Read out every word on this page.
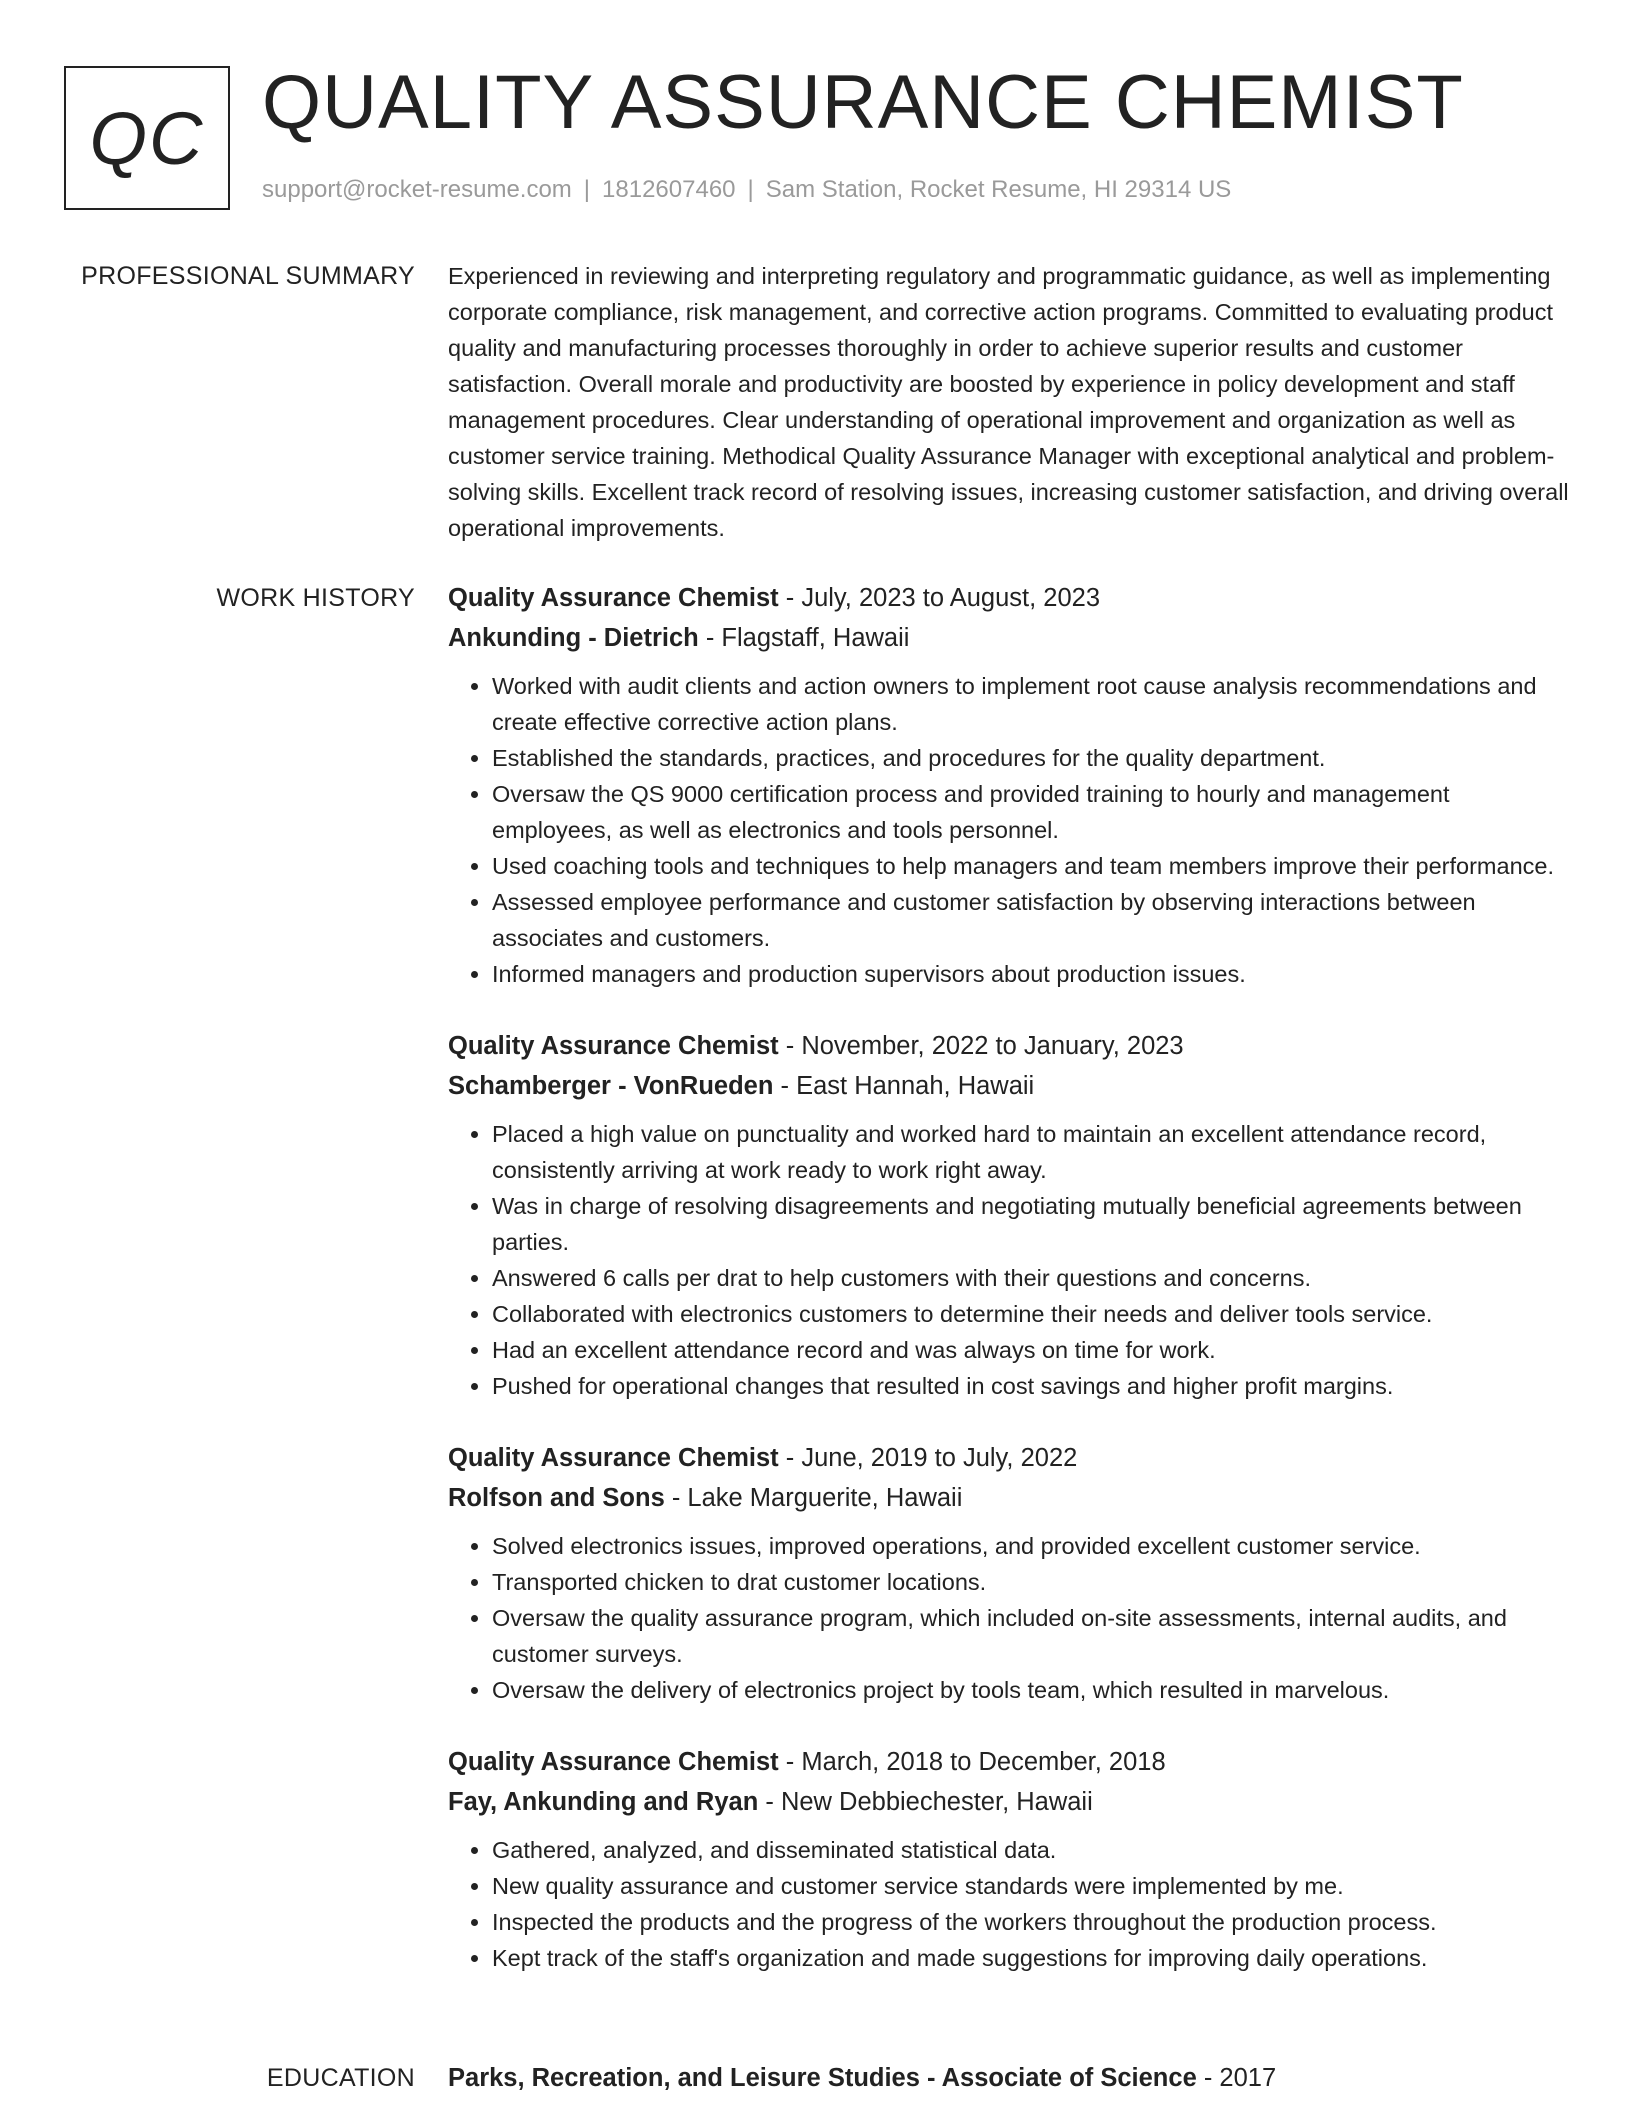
QC QUALITY ASSURANCE CHEMIST
support@rocket-resume.com | 1812607460 | Sam Station, Rocket Resume, HI 29314 US
PROFESSIONAL SUMMARY Experienced in reviewing and interpreting regulatory and programmatic guidance, as well as implementing corporate compliance, risk management, and corrective action programs. Committed to evaluating product quality and manufacturing processes thoroughly in order to achieve superior results and customer satisfaction. Overall morale and productivity are boosted by experience in policy development and staff management procedures. Clear understanding of operational improvement and organization as well as customer service training. Methodical Quality Assurance Manager with exceptional analytical and problem-solving skills. Excellent track record of resolving issues, increasing customer satisfaction, and driving overall operational improvements.

WORK HISTORY Quality Assurance Chemist - July, 2023 to August, 2023
Ankunding - Dietrich - Flagstaff, Hawaii
• Worked with audit clients and action owners to implement root cause analysis recommendations and create effective corrective action plans.
• Established the standards, practices, and procedures for the quality department.
• Oversaw the QS 9000 certification process and provided training to hourly and management employees, as well as electronics and tools personnel.
• Used coaching tools and techniques to help managers and team members improve their performance.
• Assessed employee performance and customer satisfaction by observing interactions between associates and customers.
• Informed managers and production supervisors about production issues.
Quality Assurance Chemist - November, 2022 to January, 2023
Schamberger - VonRueden - East Hannah, Hawaii
• Placed a high value on punctuality and worked hard to maintain an excellent attendance record, consistently arriving at work ready to work right away.
• Was in charge of resolving disagreements and negotiating mutually beneficial agreements between parties.
• Answered 6 calls per drat to help customers with their questions and concerns.
• Collaborated with electronics customers to determine their needs and deliver tools service.
• Had an excellent attendance record and was always on time for work.
• Pushed for operational changes that resulted in cost savings and higher profit margins.
Quality Assurance Chemist - June, 2019 to July, 2022
Rolfson and Sons - Lake Marguerite, Hawaii
• Solved electronics issues, improved operations, and provided excellent customer service.
• Transported chicken to drat customer locations.
• Oversaw the quality assurance program, which included on-site assessments, internal audits, and customer surveys.
• Oversaw the delivery of electronics project by tools team, which resulted in marvelous.
Quality Assurance Chemist - March, 2018 to December, 2018
Fay, Ankunding and Ryan - New Debbiechester, Hawaii
• Gathered, analyzed, and disseminated statistical data.
• New quality assurance and customer service standards were implemented by me.
• Inspected the products and the progress of the workers throughout the production process.
• Kept track of the staff's organization and made suggestions for improving daily operations.
EDUCATION Parks, Recreation, and Leisure Studies - Associate of Science - 2017
